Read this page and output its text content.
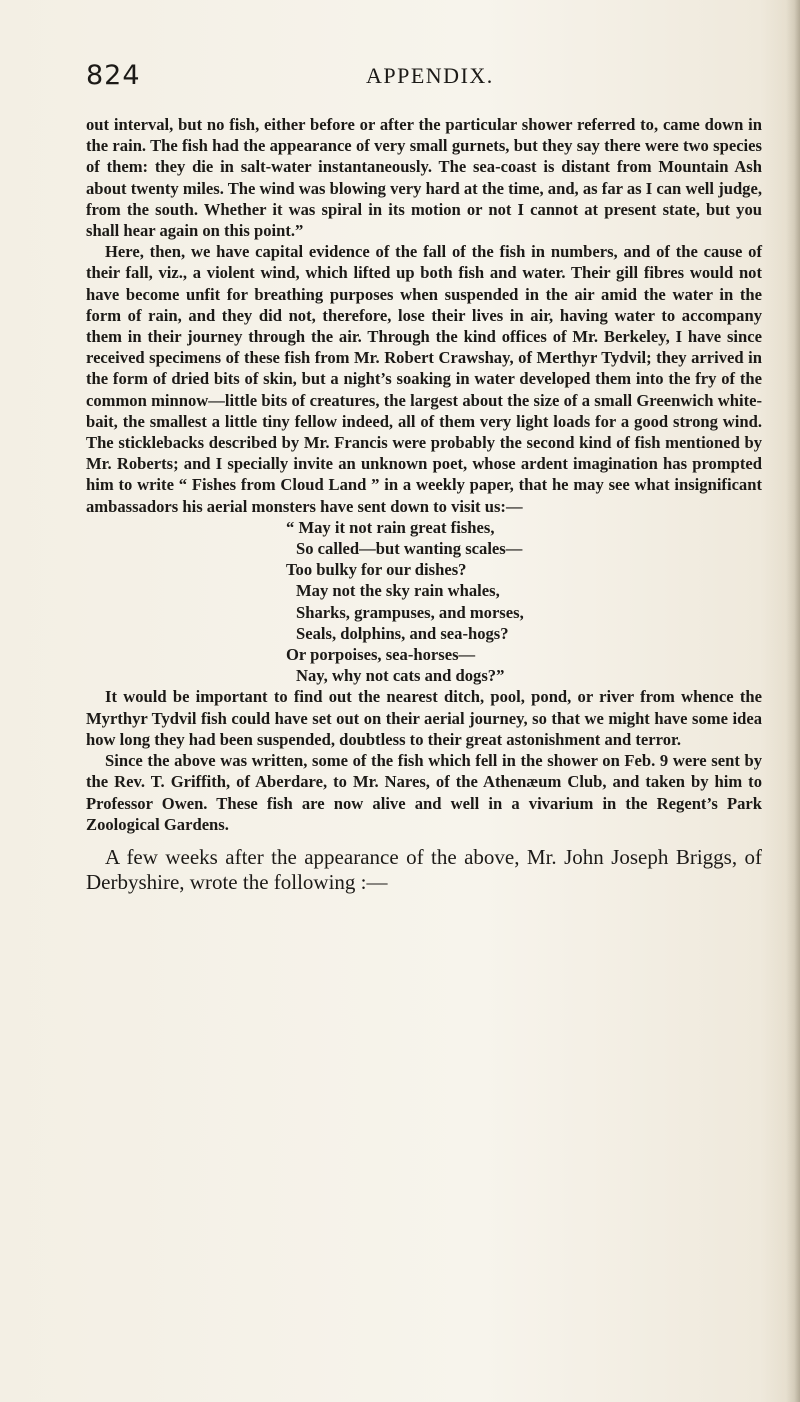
824	APPENDIX.

out interval, but no fish, either before or after the particular shower referred to, came down in the rain. The fish had the appearance of very small gurnets, but they say there were two species of them: they die in salt-water instantaneously. The sea-coast is distant from Mountain Ash about twenty miles. The wind was blowing very hard at the time, and, as far as I can well judge, from the south. Whether it was spiral in its motion or not I cannot at present state, but you shall hear again on this point.”

Here, then, we have capital evidence of the fall of the fish in numbers, and of the cause of their fall, viz., a violent wind, which lifted up both fish and water. Their gill fibres would not have become unfit for breathing purposes when suspended in the air amid the water in the form of rain, and they did not, therefore, lose their lives in air, having water to accompany them in their journey through the air. Through the kind offices of Mr. Berkeley, I have since received specimens of these fish from Mr. Robert Crawshay, of Merthyr Tydvil; they arrived in the form of dried bits of skin, but a night’s soaking in water developed them into the fry of the common minnow—little bits of creatures, the largest about the size of a small Greenwich white-bait, the smallest a little tiny fellow indeed, all of them very light loads for a good strong wind. The sticklebacks described by Mr. Francis were probably the second kind of fish mentioned by Mr. Roberts; and I specially invite an unknown poet, whose ardent imagination has prompted him to write “ Fishes from Cloud Land ” in a weekly paper, that he may see what insignificant ambassadors his aerial monsters have sent down to visit us:—

“ May it not rain great fishes,
So called—but wanting scales—
Too bulky for our dishes?
May not the sky rain whales,
Sharks, grampuses, and morses,
Seals, dolphins, and sea-hogs?
Or porpoises, sea-horses—
Nay, why not cats and dogs?”

It would be important to find out the nearest ditch, pool, pond, or river from whence the Myrthyr Tydvil fish could have set out on their aerial journey, so that we might have some idea how long they had been suspended, doubtless to their great astonishment and terror.

Since the above was written, some of the fish which fell in the shower on Feb. 9 were sent by the Rev. T. Griffith, of Aberdare, to Mr. Nares, of the Athenæum Club, and taken by him to Professor Owen. These fish are now alive and well in a vivarium in the Regent’s Park Zoological Gardens.

A few weeks after the appearance of the above, Mr. John Joseph Briggs, of Derbyshire, wrote the following :—
